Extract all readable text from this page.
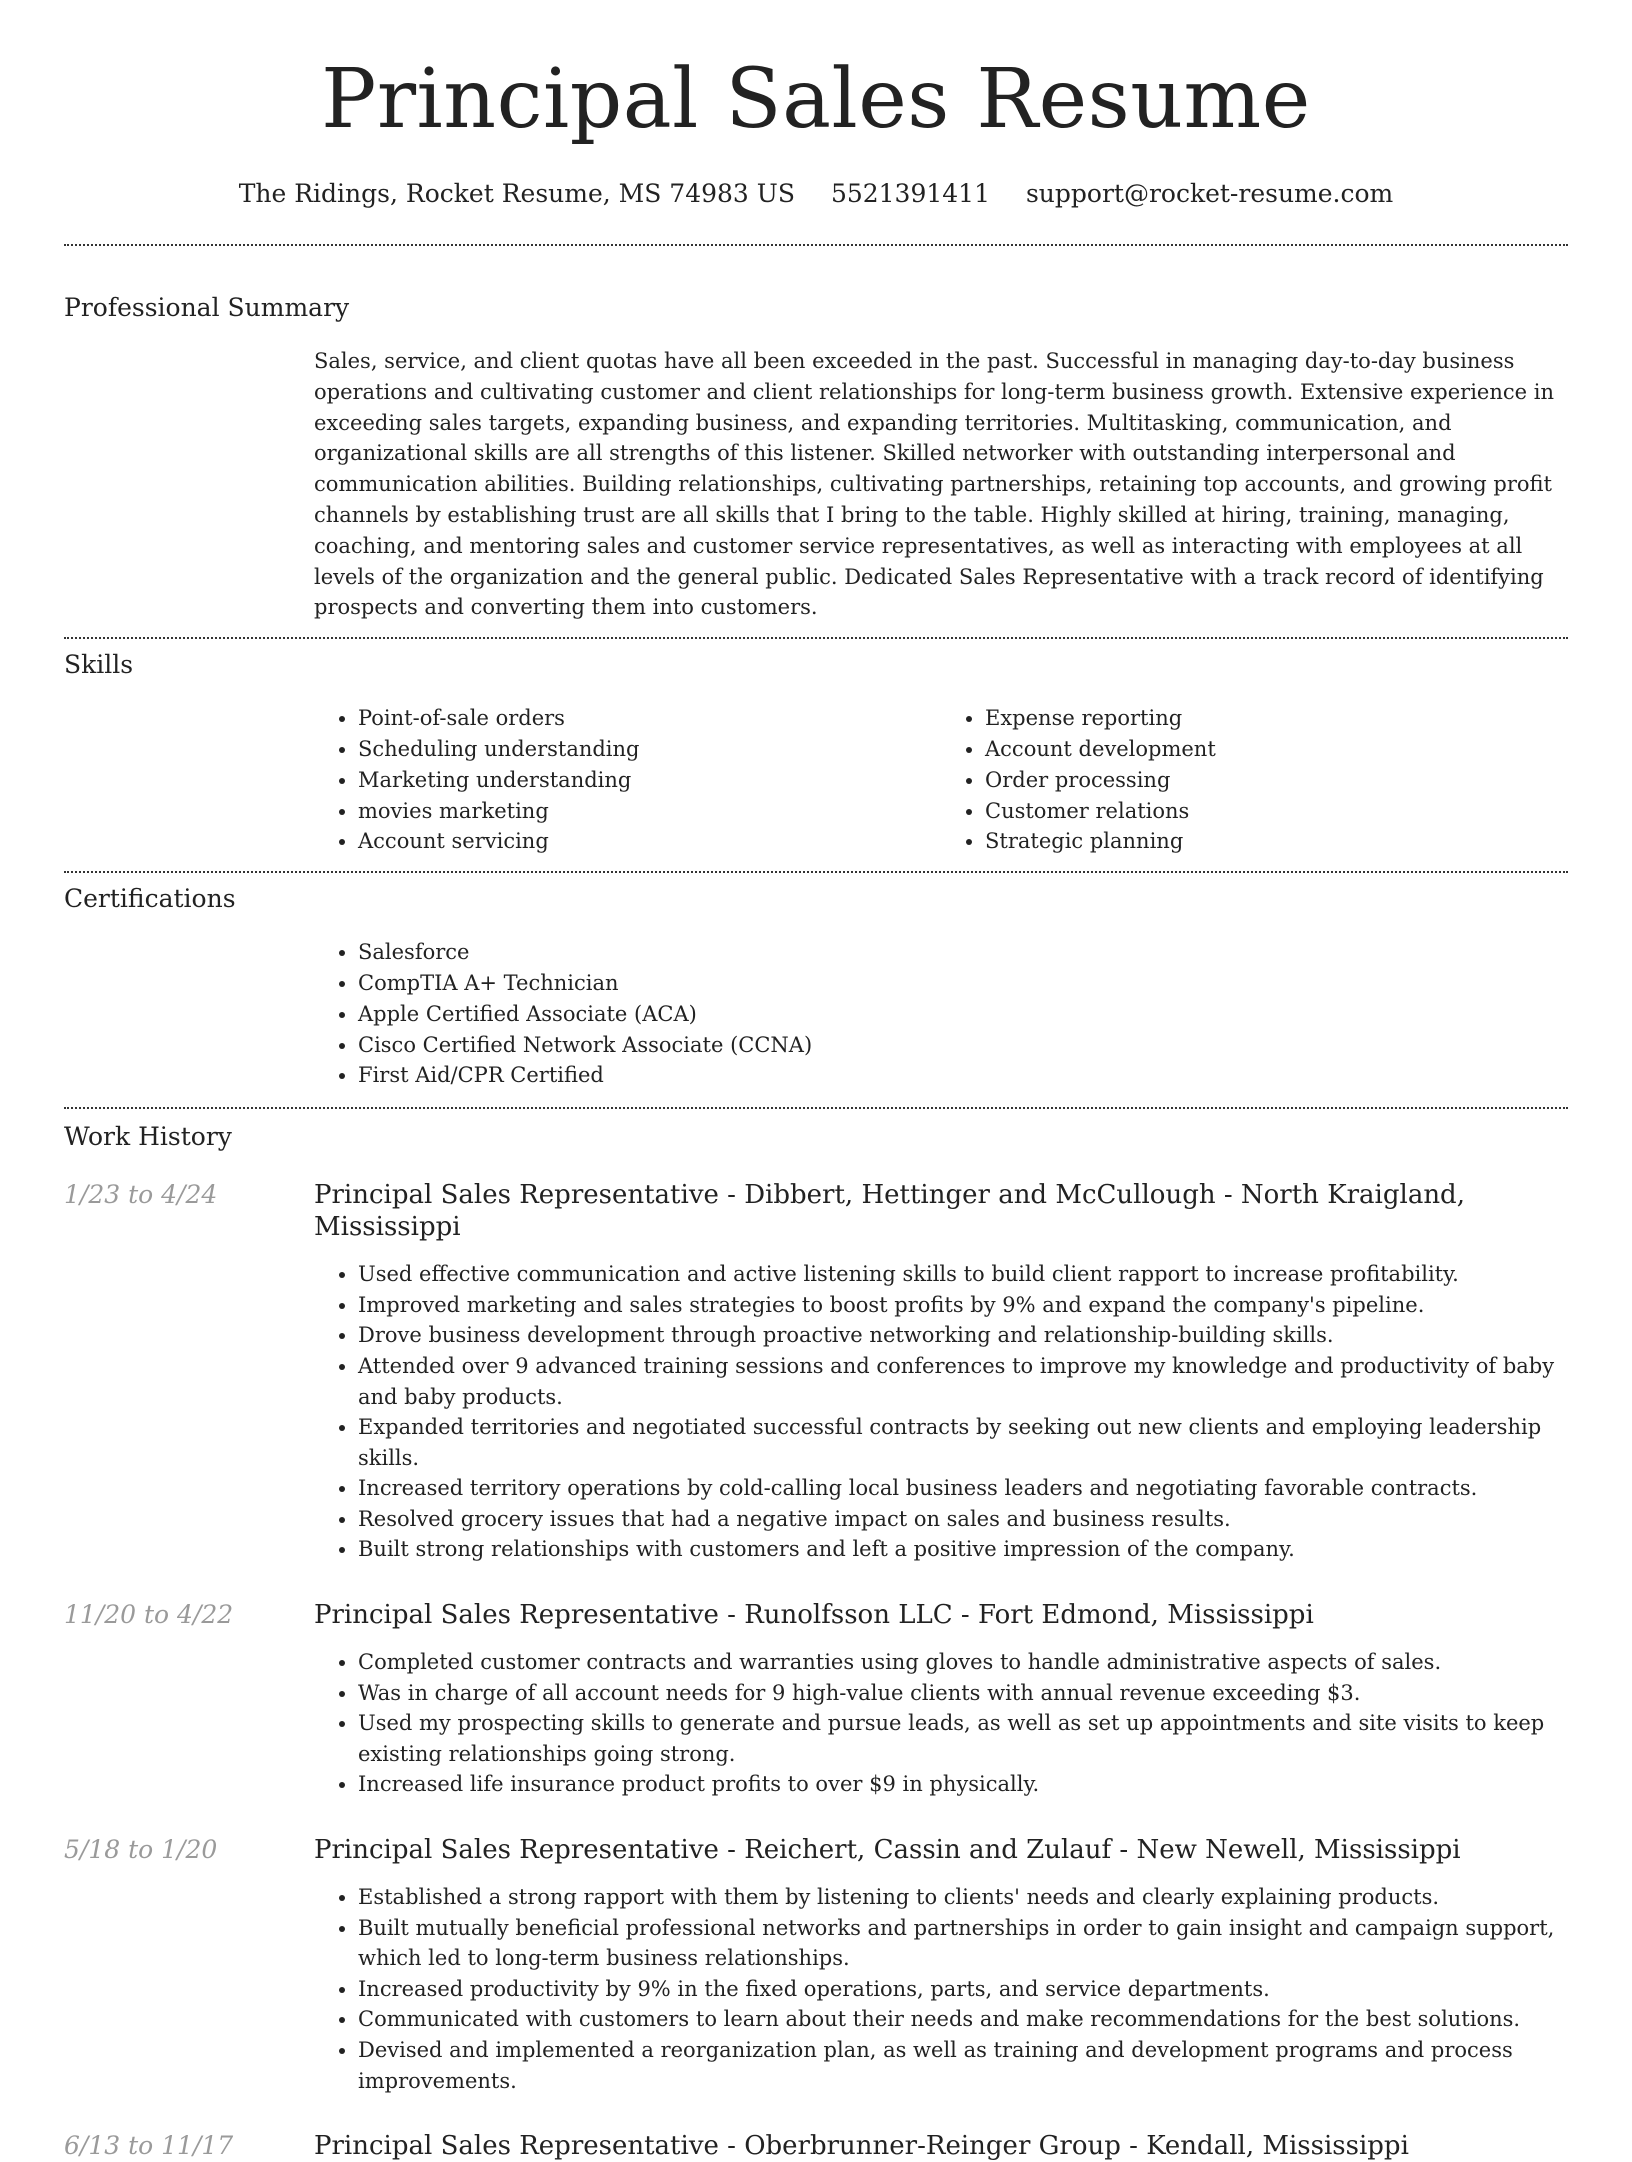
Principal Sales Resume
The Ridings, Rocket Resume, MS 74983 US 5521391411 support@rocket-resume.com
Professional Summary

Sales, service, and client quotas have all been exceeded in the past. Successful in managing day-to-day business operations and cultivating customer and client relationships for long-term business growth. Extensive experience in exceeding sales targets, expanding business, and expanding territories. Multitasking, communication, and organizational skills are all strengths of this listener. Skilled networker with outstanding interpersonal and communication abilities. Building relationships, cultivating partnerships, retaining top accounts, and growing profit channels by establishing trust are all skills that I bring to the table. Highly skilled at hiring, training, managing, coaching, and mentoring sales and customer service representatives, as well as interacting with employees at all levels of the organization and the general public. Dedicated Sales Representative with a track record of identifying prospects and converting them into customers.

Skills
• Point-of-sale orders
• Scheduling understanding
• Marketing understanding
• movies marketing
• Account servicing
• Expense reporting
• Account development
• Order processing
• Customer relations
• Strategic planning
Certifications
• Salesforce
• CompTIA A+ Technician
• Apple Certified Associate (ACA)
• Cisco Certified Network Associate (CCNA)
• First Aid/CPR Certified
Work History
1/23 to 4/24	Principal Sales Representative - Dibbert, Hettinger and McCullough - North Kraigland, Mississippi
• Used effective communication and active listening skills to build client rapport to increase profitability.
• Improved marketing and sales strategies to boost profits by 9% and expand the company's pipeline.
• Drove business development through proactive networking and relationship-building skills.
• Attended over 9 advanced training sessions and conferences to improve my knowledge and productivity of baby and baby products.
• Expanded territories and negotiated successful contracts by seeking out new clients and employing leadership skills.
• Increased territory operations by cold-calling local business leaders and negotiating favorable contracts.
• Resolved grocery issues that had a negative impact on sales and business results.
• Built strong relationships with customers and left a positive impression of the company.
11/20 to 4/22	Principal Sales Representative - Runolfsson LLC - Fort Edmond, Mississippi
• Completed customer contracts and warranties using gloves to handle administrative aspects of sales.
• Was in charge of all account needs for 9 high-value clients with annual revenue exceeding $3.
• Used my prospecting skills to generate and pursue leads, as well as set up appointments and site visits to keep existing relationships going strong.
• Increased life insurance product profits to over $9 in physically.
5/18 to 1/20	Principal Sales Representative - Reichert, Cassin and Zulauf - New Newell, Mississippi
• Established a strong rapport with them by listening to clients' needs and clearly explaining products.
• Built mutually beneficial professional networks and partnerships in order to gain insight and campaign support, which led to long-term business relationships.
• Increased productivity by 9% in the fixed operations, parts, and service departments.
• Communicated with customers to learn about their needs and make recommendations for the best solutions.
• Devised and implemented a reorganization plan, as well as training and development programs and process improvements.
6/13 to 11/17	Principal Sales Representative - Oberbrunner-Reinger Group - Kendall, Mississippi
